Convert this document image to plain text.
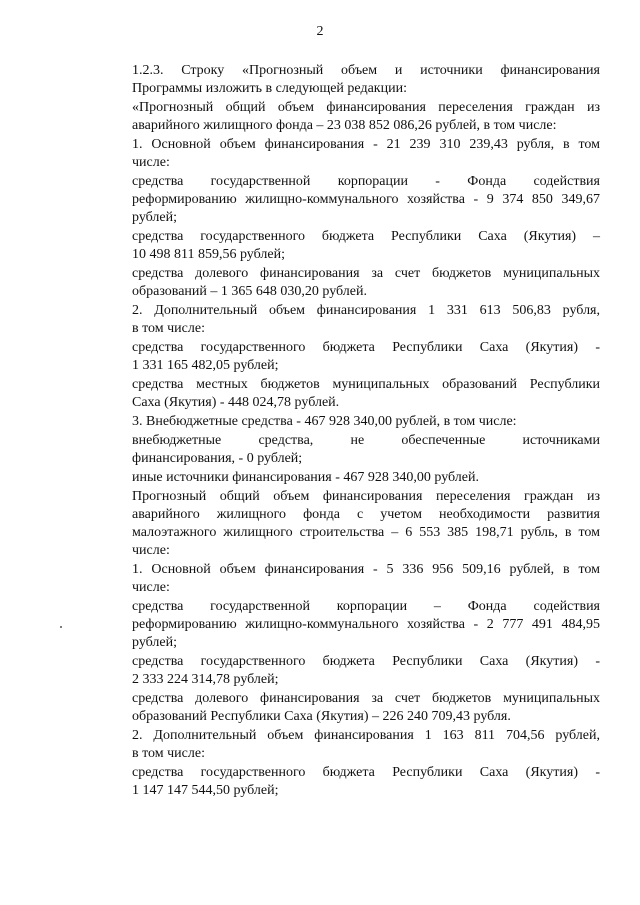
2

1.2.3. Строку «Прогнозный объем и источники финансирования
Программы изложить в следующей редакции:

«Прогнозный общий объем финансирования переселения граждан из
аварийного жилищного фонда – 23 038 852 086,26 рублей, в том числе:

1. Основной объем финансирования - 21 239 310 239,43 рубля, в том
числе:

средства государственной корпорации - Фонда содействия
реформированию жилищно-коммунального хозяйства - 9 374 850 349,67
рублей;

средства государственного бюджета Республики Саха (Якутия) –
10 498 811 859,56 рублей;

средства долевого финансирования за счет бюджетов муниципальных
образований – 1 365 648 030,20 рублей.

2. Дополнительный объем финансирования 1 331 613 506,83 рубля,
в том числе:

средства государственного бюджета Республики Саха (Якутия) -
1 331 165 482,05 рублей;

средства местных бюджетов муниципальных образований Республики
Саха (Якутия) - 448 024,78 рублей.

3. Внебюджетные средства - 467 928 340,00 рублей, в том числе:

внебюджетные средства, не обеспеченные источниками
финансирования, - 0 рублей;

иные источники финансирования - 467 928 340,00 рублей.

Прогнозный общий объем финансирования переселения граждан из
аварийного жилищного фонда с учетом необходимости развития
малоэтажного жилищного строительства – 6 553 385 198,71 рубль, в том
числе:

1. Основной объем финансирования - 5 336 956 509,16 рублей, в том
числе:

средства государственной корпорации – Фонда содействия
реформированию жилищно-коммунального хозяйства - 2 777 491 484,95
рублей;

средства государственного бюджета Республики Саха (Якутия) -
2 333 224 314,78 рублей;

средства долевого финансирования за счет бюджетов муниципальных
образований Республики Саха (Якутия) – 226 240 709,43 рубля.

2. Дополнительный объем финансирования 1 163 811 704,56 рублей,
в том числе:

средства государственного бюджета Республики Саха (Якутия) -
1 147 147 544,50 рублей;
